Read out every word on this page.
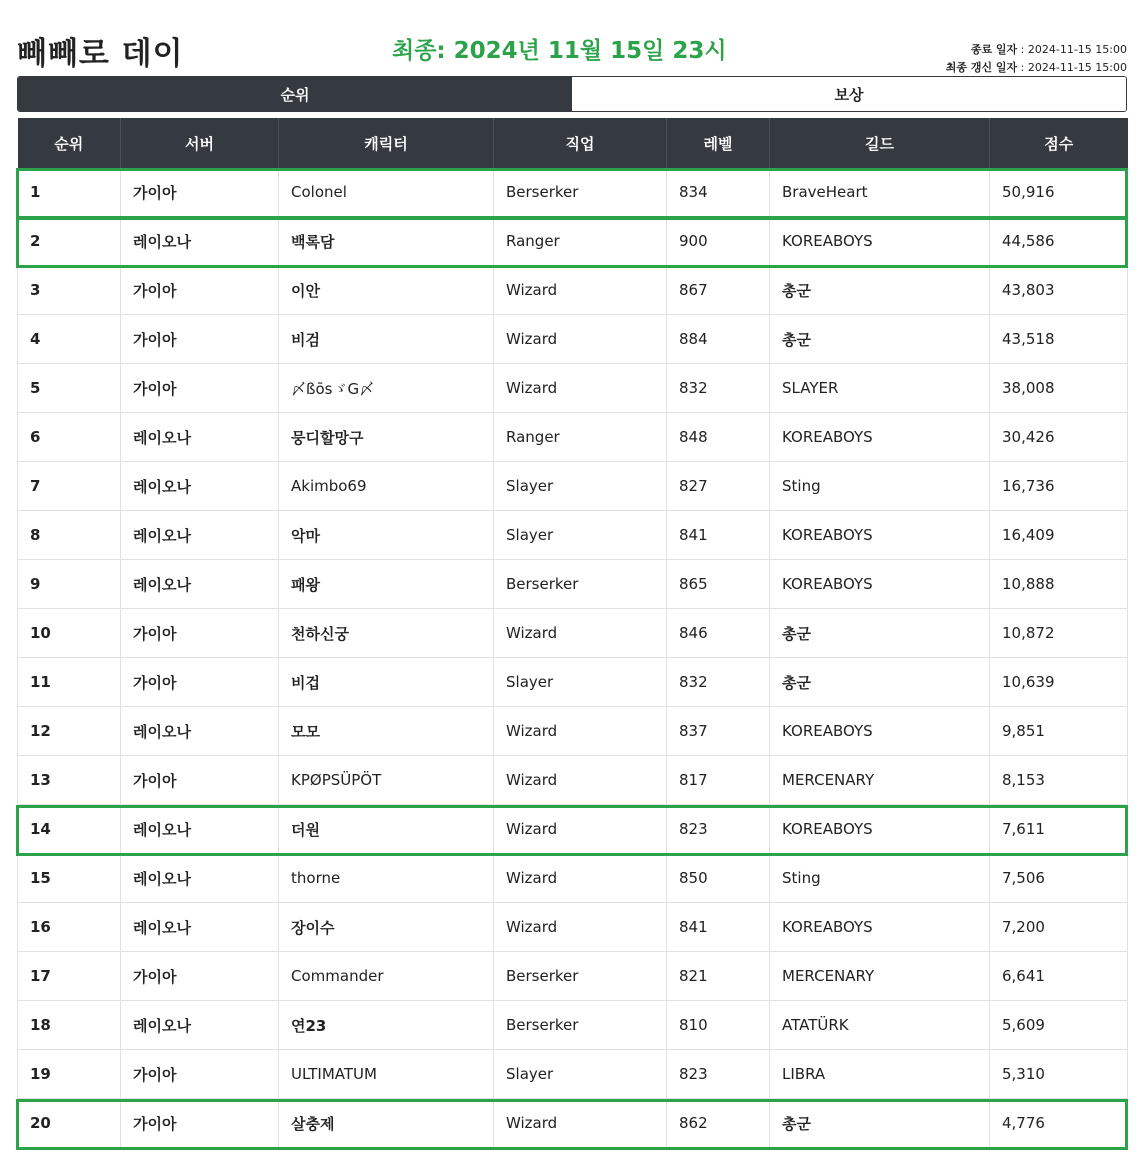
빼빼로 데이	최종: 2024년 11월 15일 23시	종료 일자 : 2024-11-15 15:00
최종 갱신 일자 : 2024-11-15 15:00
순위	보상
순위	서버	캐릭터	직업	레벨	길드	점수
1	가이아	Colonel	Berserker	834	BraveHeart	50,916
2	레이오나	백록담	Ranger	900	KOREABOYS	44,586
3	가이아	이안	Wizard	867	총군	43,803
4	가이아	비검	Wizard	884	총군	43,518
5	가이아	〆ßōsゞG〆	Wizard	832	SLAYER	38,008
6	레이오나	뭉디할망구	Ranger	848	KOREABOYS	30,426
7	레이오나	Akimbo69	Slayer	827	Sting	16,736
8	레이오나	악마	Slayer	841	KOREABOYS	16,409
9	레이오나	패왕	Berserker	865	KOREABOYS	10,888
10	가이아	천하신궁	Wizard	846	총군	10,872
11	가이아	비겁	Slayer	832	총군	10,639
12	레이오나	모모	Wizard	837	KOREABOYS	9,851
13	가이아	KPØPSÜPÖT	Wizard	817	MERCENARY	8,153
14	레이오나	더원	Wizard	823	KOREABOYS	7,611
15	레이오나	thorne	Wizard	850	Sting	7,506
16	레이오나	장이수	Wizard	841	KOREABOYS	7,200
17	가이아	Commander	Berserker	821	MERCENARY	6,641
18	레이오나	연23	Berserker	810	ATATÜRK	5,609
19	가이아	ULTIMATUM	Slayer	823	LIBRA	5,310
20	가이아	살충제	Wizard	862	총군	4,776
